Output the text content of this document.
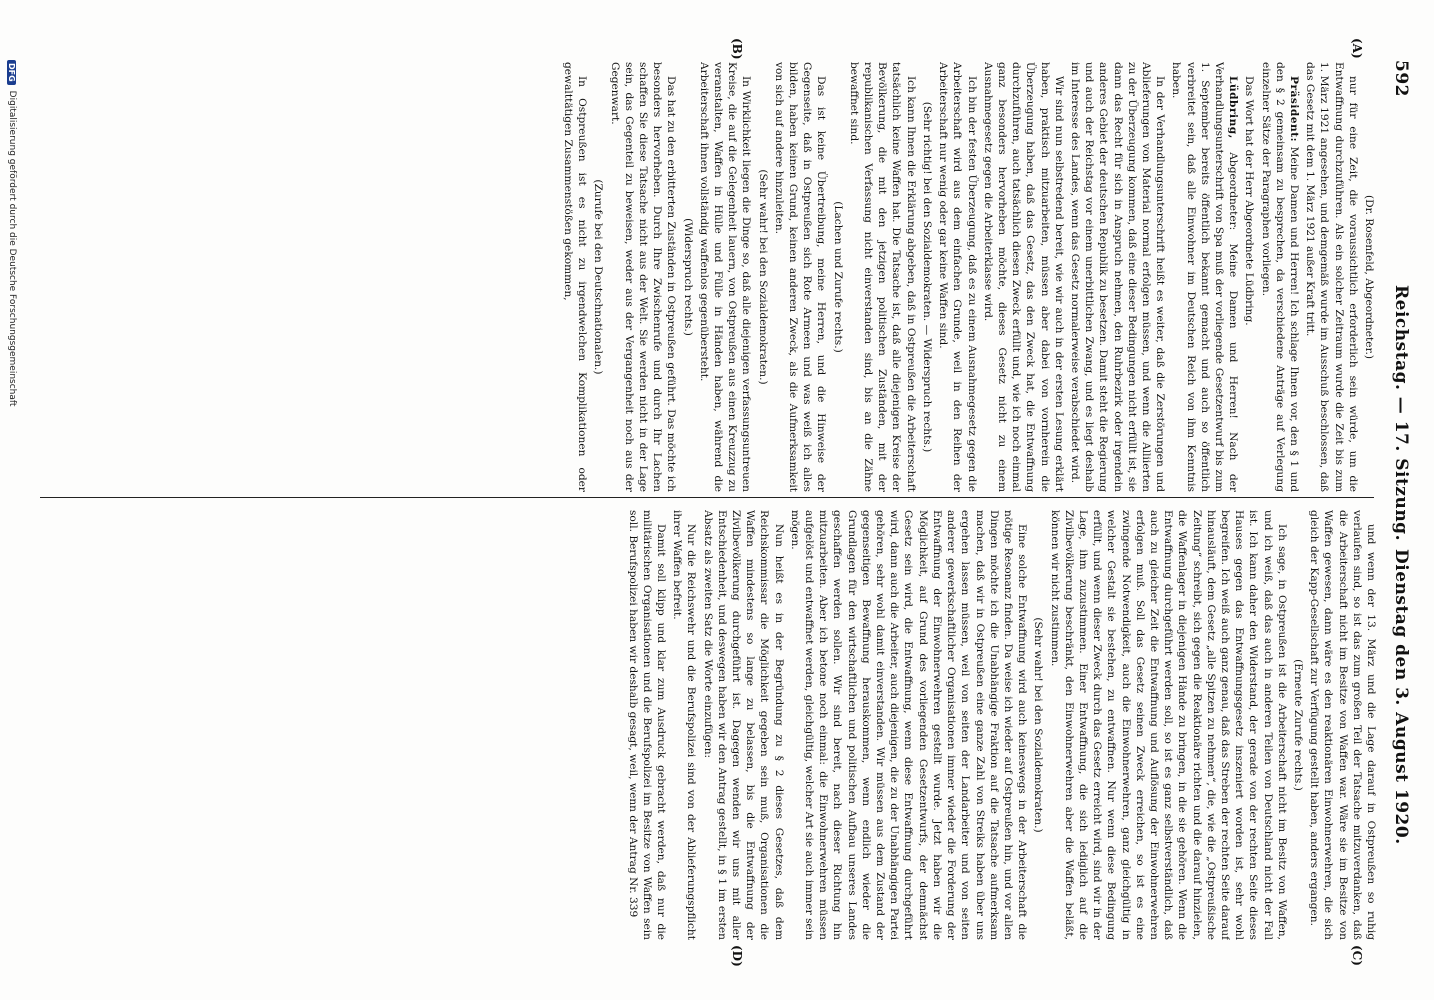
592
Reichstag. — 17. Sitzung.
Dienstag den 3. August 1920.
(A)
(B)
(C)
(D)

(Dr. Rosenfeld, Abgeordneter.)

nur für eine Zeit, die voraussichtlich erforderlich sein würde, um die Entwaffnung durchzuführen. Als ein solcher Zeitraum wurde die Zeit bis zum 1. März 1921 angesehen, und demgemäß wurde im Ausschuß beschlossen, daß das Gesetz mit dem 1. März 1921 außer Kraft tritt.

Präsident: Meine Damen und Herren! Ich schlage Ihnen vor, den § 1 und den § 2 gemeinsam zu besprechen, da verschiedene Anträge auf Verlegung einzelner Sätze der Paragraphen vorliegen.

Das Wort hat der Herr Abgeordnete Lüdbring.

Lüdbring, Abgeordneter: Meine Damen und Herren! Nach der Verhandlungsunterschrift von Spa muß der vorliegende Gesetzentwurf bis zum 1. September bereits öffentlich bekannt gemacht und auch so öffentlich verbreitet sein, daß alle Einwohner im Deutschen Reich von ihm Kenntnis haben.

In der Verhandlungsunterschrift heißt es weiter, daß die Zerstörungen und Ablieferungen von Material normal erfolgen müssen, und wenn die Alliierten zu der Überzeugung kommen, daß eine dieser Bedingungen nicht erfüllt ist, sie dann das Recht für sich in Anspruch nehmen, den Ruhrbezirk oder irgendein anderes Gebiet der deutschen Republik zu besetzen. Damit steht die Regierung und auch der Reichstag vor einem unerbittlichen Zwang, und es liegt deshalb im Interesse des Landes, wenn das Gesetz normalerweise verabschiedet wird.

Wir sind nun selbstredend bereit, wie wir auch in der ersten Lesung erklärt haben, praktisch mitzuarbeiten, müssen aber dabei von vornherein die Überzeugung haben, daß das Gesetz, das den Zweck hat, die Entwaffnung durchzuführen, auch tatsächlich diesen Zweck erfüllt und, wie ich noch einmal ganz besonders hervorheben möchte, dieses Gesetz nicht zu einem Ausnahmegesetz gegen die Arbeiterklasse wird.

Ich bin der festen Überzeugung, daß es zu einem Ausnahmegesetz gegen die Arbeiterschaft wird aus dem einfachen Grunde, weil in den Reihen der Arbeiterschaft nur wenig oder gar keine Waffen sind.

(Sehr richtig! bei den Sozialdemokraten. — Widerspruch rechts.)

Ich kann Ihnen die Erklärung abgeben, daß in Ostpreußen die Arbeiterschaft tatsächlich keine Waffen hat. Die Tatsache ist, daß alle diejenigen Kreise der Bevölkerung, die mit den jetzigen politischen Zuständen, mit der republikanischen Verfassung nicht einverstanden sind, bis an die Zähne bewaffnet sind.

(Lachen und Zurufe rechts.)

Das ist keine Übertreibung, meine Herren, und die Hinweise der Gegenseite, daß in Ostpreußen sich Rote Armeen und was weiß ich alles bilden, haben keinen Grund, keinen anderen Zweck, als die Aufmerksamkeit von sich auf andere hinzuleiten.

(Sehr wahr! bei den Sozialdemokraten.)

In Wirklichkeit liegen die Dinge so, daß alle diejenigen verfassungsuntreuen Kreise, die auf die Gelegenheit lauern, von Ostpreußen aus einen Kreuzzug zu veranstalten, Waffen in Hülle und Fülle in Händen haben, während die Arbeiterschaft ihnen vollständig waffenlos gegenübersteht.

(Widerspruch rechts.)

Das hat zu den erbitterten Zuständen in Ostpreußen geführt. Das möchte ich besonders hervorheben. Durch Ihre Zwischenrufe und durch Ihr Lachen schaffen Sie diese Tatsache nicht aus der Welt. Sie werden nicht in der Lage sein, das Gegenteil zu beweisen, weder aus der Vergangenheit noch aus der Gegenwart.

(Zurufe bei den Deutschnationalen.)

In Ostpreußen ist es nicht zu irgendwelchen Komplikationen oder gewalttätigen Zusammenstößen gekommen,

und wenn der 13. März und die Lage darauf in Ostpreußen so ruhig verlaufen sind, so ist das zum großen Teil der Tatsache mitzuverdanken, daß die Arbeiterschaft nicht im Besitze von Waffen war. Wäre sie im Besitze von Waffen gewesen, dann wäre es den reaktionären Einwohnerwehren, die sich gleich der Kapp-Gesellschaft zur Verfügung gestellt haben, anders ergangen.

(Erneute Zurufe rechts.)

Ich sage, in Ostpreußen ist die Arbeiterschaft nicht im Besitz von Waffen, und ich weiß, daß das auch in anderen Teilen von Deutschland nicht der Fall ist. Ich kann daher den Widerstand, der gerade von der rechten Seite dieses Hauses gegen das Entwaffnungsgesetz inszeniert worden ist, sehr wohl begreifen. Ich weiß auch ganz genau, daß das Streben der rechten Seite darauf hinausläuft, dem Gesetz „alle Spitzen zu nehmen“, die, wie die „Ostpreußische Zeitung“ schreibt, sich gegen die Reaktionäre richten und die darauf hinzielen, die Waffenlager in diejenigen Hände zu bringen, in die sie gehören. Wenn die Entwaffnung durchgeführt werden soll, so ist es ganz selbstverständlich, daß auch zu gleicher Zeit die Entwaffnung und Auflösung der Einwohnerwehren erfolgen muß. Soll das Gesetz seinen Zweck erreichen, so ist es eine zwingende Notwendigkeit, auch die Einwohnerwehren, ganz gleichgültig in welcher Gestalt sie bestehen, zu entwaffnen. Nur wenn diese Bedingung erfüllt, und wenn dieser Zweck durch das Gesetz erreicht wird, sind wir in der Lage, ihm zuzustimmen. Einer Entwaffnung, die sich lediglich auf die Zivilbevölkerung beschränkt, den Einwohnerwehren aber die Waffen beläßt, können wir nicht zustimmen.

(Sehr wahr! bei den Sozialdemokraten.)

Eine solche Entwaffnung wird auch keineswegs in der Arbeiterschaft die nötige Resonanz finden. Da weise ich wieder auf Ostpreußen hin, und vor allen Dingen möchte ich die Unabhängige Fraktion auf die Tatsache aufmerksam machen, daß wir in Ostpreußen eine ganze Zahl von Streiks haben über uns ergehen lassen müssen, weil von seiten der Landarbeiter und von seiten anderer gewerkschaftlicher Organisationen immer wieder die Forderung der Entwaffnung der Einwohnerwehren gestellt wurde. Jetzt haben wir die Möglichkeit, auf Grund des vorliegenden Gesetzentwurfs, der demnächst Gesetz sein wird, die Entwaffnung, wenn diese Entwaffnung durchgeführt wird, dann auch die Arbeiter, auch diejenigen, die zu der Unabhängigen Partei gehören, sehr wohl damit einverstanden. Wir müssen aus dem Zustand der gegenseitigen Bewaffnung herauskommen, wenn endlich wieder die Grundlagen für den wirtschaftlichen und politischen Aufbau unseres Landes geschaffen werden sollen. Wir sind bereit, nach dieser Richtung hin mitzuarbeiten. Aber ich betone noch einmal: die Einwohnerwehren müssen aufgelöst und entwaffnet werden, gleichgültig, welcher Art sie auch immer sein mögen.

Nun heißt es in der Begründung zu § 2 dieses Gesetzes, daß dem Reichskommissar die Möglichkeit gegeben sein muß, Organisationen die Waffen mindestens so lange zu belassen, bis die Entwaffnung der Zivilbevölkerung durchgeführt ist. Dagegen wenden wir uns mit aller Entschiedenheit, und deswegen haben wir den Antrag gestellt, in § 1 im ersten Absatz als zweiten Satz die Worte einzufügen:

Nur die Reichswehr und die Berufspolizei sind von der Ablieferungspflicht ihrer Waffen befreit.

Damit soll klipp und klar zum Ausdruck gebracht werden, daß nur die militärischen Organisationen und die Berufspolizei im Besitze von Waffen sein soll. Berufspolizei haben wir deshalb gesagt, weil, wenn der Antrag Nr. 339

DFG
Digitalisierung gefördert durch die Deutsche Forschungsgemeinschaft
